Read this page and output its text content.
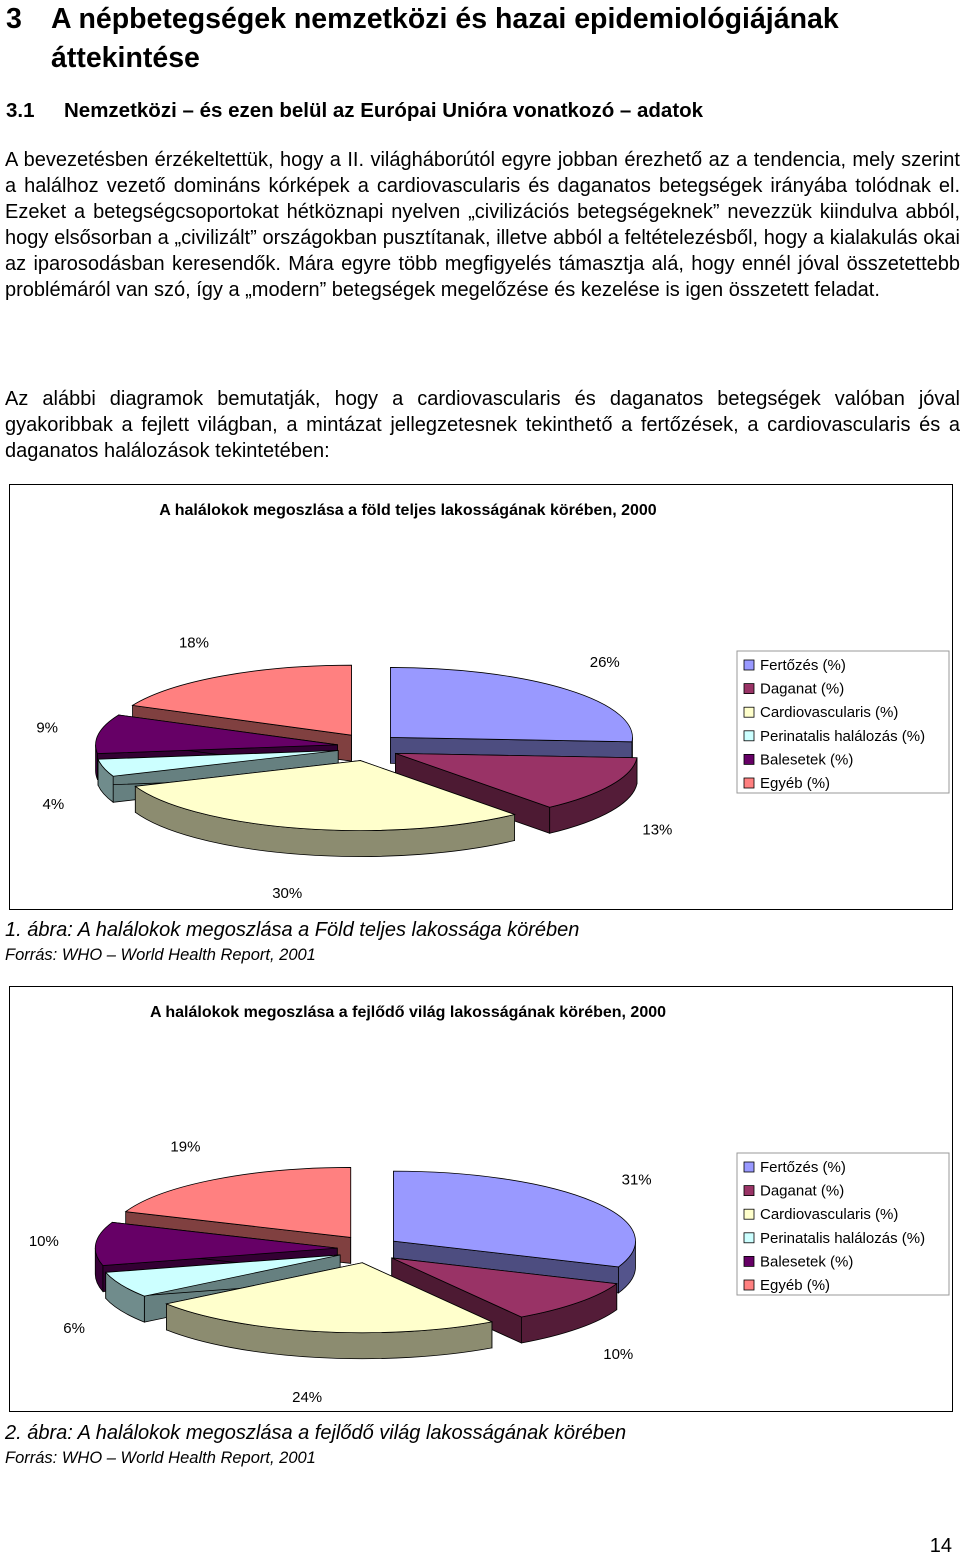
3 A népbetegségek nemzetközi és hazai epidemiológiájának áttekintése
3.1 Nemzetközi – és ezen belül az Európai Unióra vonatkozó – adatok

A bevezetésben érzékeltettük, hogy a II. világháborútól egyre jobban érezhető az a tendencia, mely szerint a halálhoz vezető domináns kórképek a cardiovascularis és daganatos betegségek irányába tolódnak el. Ezeket a betegségcsoportokat hétköznapi nyelven „civilizációs betegségeknek” nevezzük kiindulva abból, hogy elsősorban a „civilizált” országokban pusztítanak, illetve abból a feltételezésből, hogy a kialakulás okai az iparosodásban keresendők. Mára egyre több megfigyelés támasztja alá, hogy ennél jóval összetettebb problémáról van szó, így a „modern” betegségek megelőzése és kezelése is igen összetett feladat.

Az alábbi diagramok bemutatják, hogy a cardiovascularis és daganatos betegségek valóban jóval gyakoribbak a fejlett világban, a mintázat jellegzetesnek tekinthető a fertőzések, a cardiovascularis és a daganatos halálozások tekintetében:

A halálokok megoszlása a föld teljes lakosságának körében, 2000
26%
13%
30%
4%
9%
18%
Fertőzés (%)
Daganat (%)
Cardiovascularis (%)
Perinatalis halálozás (%)
Balesetek (%)
Egyéb (%)
1. ábra: A halálokok megoszlása a Föld teljes lakossága körében
Forrás: WHO – World Health Report, 2001
A halálokok megoszlása a fejlődő világ lakosságának körében, 2000
31%
10%
24%
6%
10%
19%
Fertőzés (%)
Daganat (%)
Cardiovascularis (%)
Perinatalis halálozás (%)
Balesetek (%)
Egyéb (%)
2. ábra: A halálokok megoszlása a fejlődő világ lakosságának körében
Forrás: WHO – World Health Report, 2001
14
